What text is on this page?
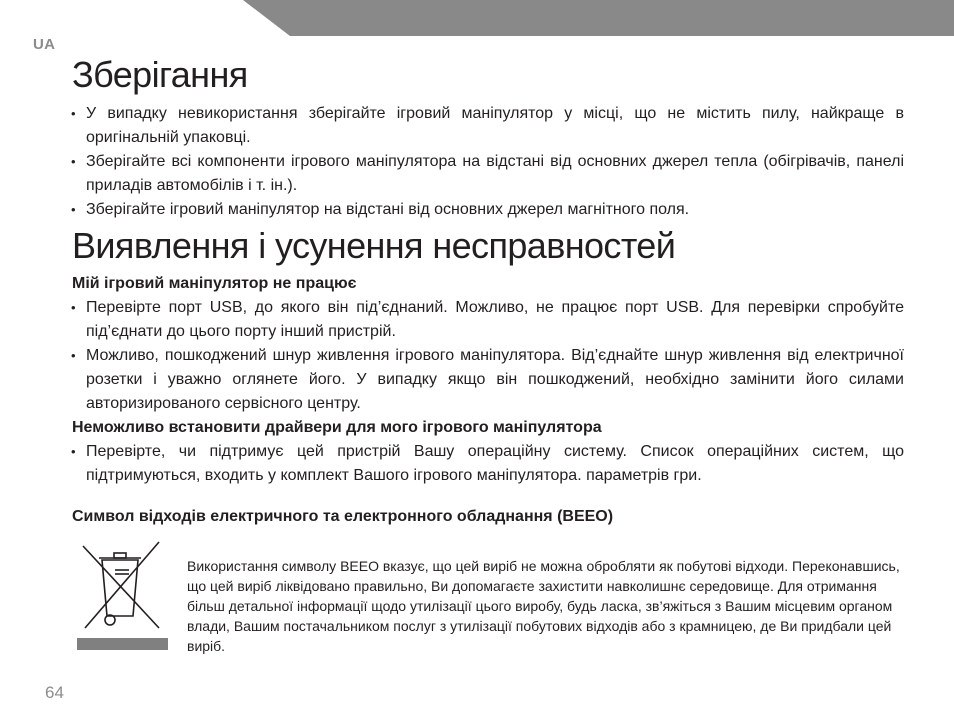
UA
Зберігання
• У випадку невикористання зберігайте ігровий маніпулятор у місці, що не містить пилу, найкраще в оригінальній упаковці.
• Зберігайте всі компоненти ігрового маніпулятора на відстані від основних джерел тепла (обігрівачів, панелі приладів автомобілів і т. ін.).
• Зберігайте ігровий маніпулятор на відстані від основних джерел магнітного поля.
Виявлення і усунення несправностей
Мій ігровий маніпулятор не працює
• Перевірте порт USB, до якого він під’єднаний. Можливо, не працює порт USB. Для перевірки спробуйте під’єднати до цього порту інший пристрій.
• Можливо, пошкоджений шнур живлення ігрового маніпулятора. Від’єднайте шнур живлення від електричної розетки і уважно оглянете його. У випадку якщо він пошкоджений, необхідно замінити його силами авторизированого сервісного центру.
Неможливо встановити драйвери для мого ігрового маніпулятора
• Перевірте, чи підтримує цей пристрій Вашу операційну систему. Список операційних систем, що підтримуються, входить у комплект Вашого ігрового маніпулятора. параметрів гри.
Символ відходів електричного та електронного обладнання (ВЕЕО)
Використання символу ВЕЕО вказує, що цей виріб не можна обробляти як побутові відходи. Переконавшись, що цей виріб ліквідовано правильно, Ви допомагаєте захистити навколишнє середовище. Для отримання більш детальної інформації щодо утилізації цього виробу, будь ласка, зв’яжіться з Вашим місцевим органом влади, Вашим постачальником послуг з утилізації побутових відходів або з крамницею, де Ви придбали цей виріб.
64
